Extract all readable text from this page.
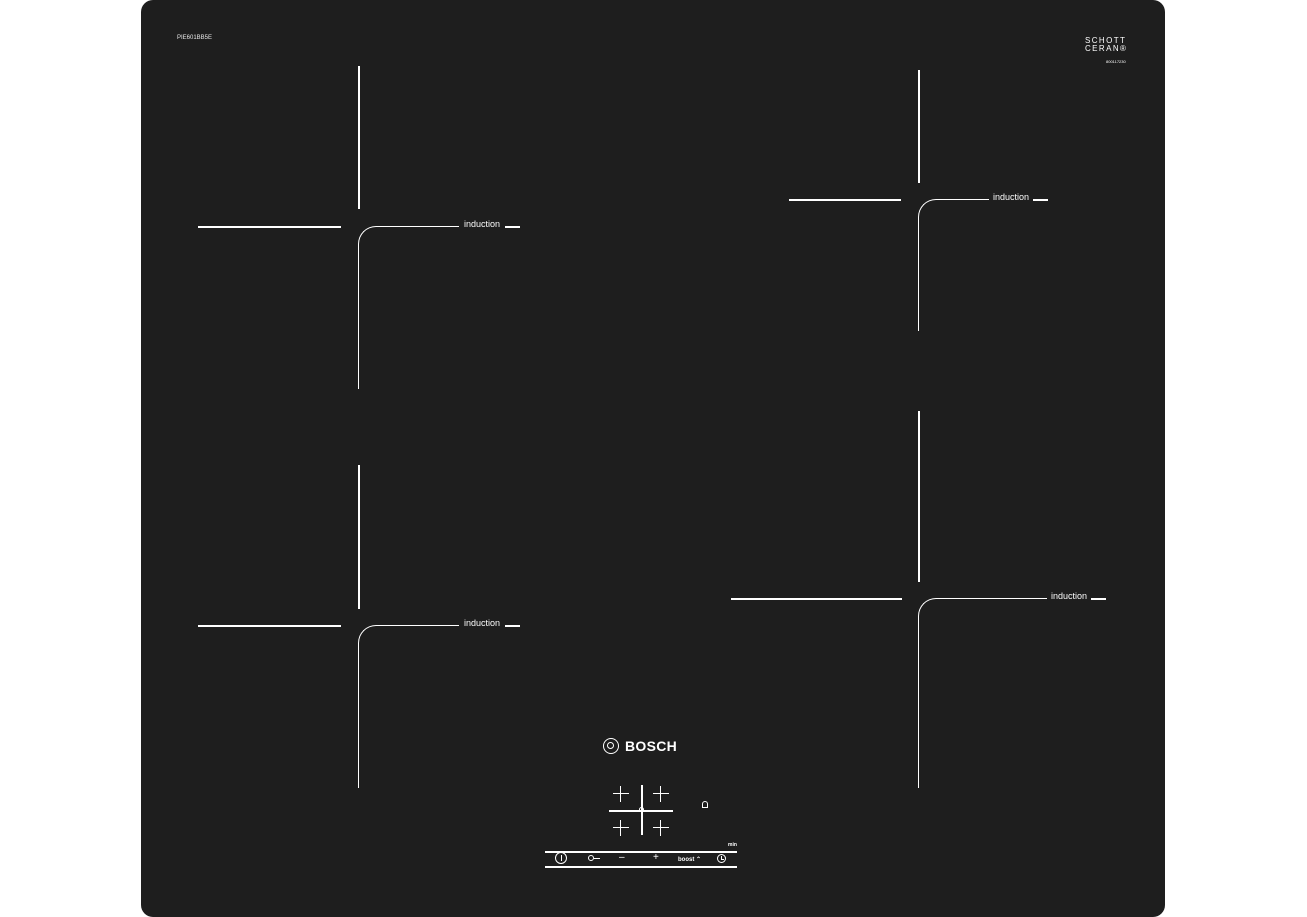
PIE601BB5E	SCHOTT
CERAN®
800117230
induction
induction
induction
induction
BOSCH
–	+	boost ⌃
min
